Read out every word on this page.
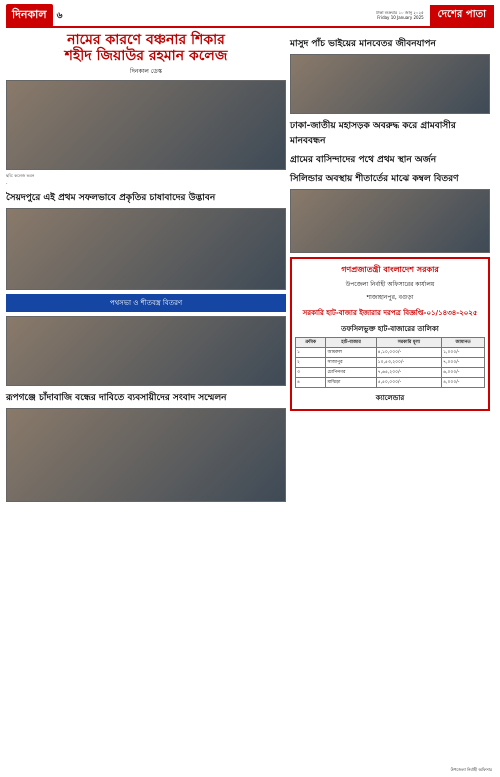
দিনকাল	৬	ঢাকা শুক্রবার ১০ জানু ২০২৫
Friday 10 January 2025	দেশের পাতা
নামের কারণে বঞ্চনার শিকার
শহীদ জিয়াউর রহমান কলেজ
দিনকাল ডেস্ক
ছবি: কলেজ ভবন
.
সৈয়দপুরে এই প্রথম সফলভাবে প্রকৃতির চাষাবাদের উদ্ভাবন
পথসভা ও শীতবস্ত্র বিতরণ
রূপগঞ্জে চাঁদাবাজি বন্ধের দাবিতে ব্যবসায়ীদের সংবাদ সম্মেলন
মাসুদ পাঁচ ভাইয়ের মানবেতর জীবনযাপন
ঢাকা-জাতীয় মহাসড়ক অবরুদ্ধ করে গ্রামবাসীর মানববন্ধন
গ্রামের বাসিন্দাদের পথে প্রথম স্থান অর্জন
সিলিন্ডার অবস্থায় শীতার্তের মাঝে কম্বল বিতরণ
গণপ্রজাতন্ত্রী বাংলাদেশ সরকার
উপজেলা নির্বাহী অফিসারের কার্যালয়
শাজাহানপুর, বগুড়া
সরকারি হাট-বাজার ইজারার দরপত্র বিজ্ঞপ্তি-০১/১৪৩৪-২০২৫
তফসিলভুক্ত হাট-বাজারের তালিকা
ক্রমিক	হাট-বাজার	সরকারি মূল্য	জামানত
১	আমরুল	৪,১০,০০০/-	১,০০০/-
২	সাজাপুর	১০,৫৩,২০০/-	৭,০০০/-
৩	চোপিনগর	৭,৬৫,২০০/-	৬,০০০/-
৪	মাঝিড়া	৫,৫০,০০০/-	৪,০০০/-
ক্যালেন্ডার
উপজেলা নির্বাহী অফিসার
